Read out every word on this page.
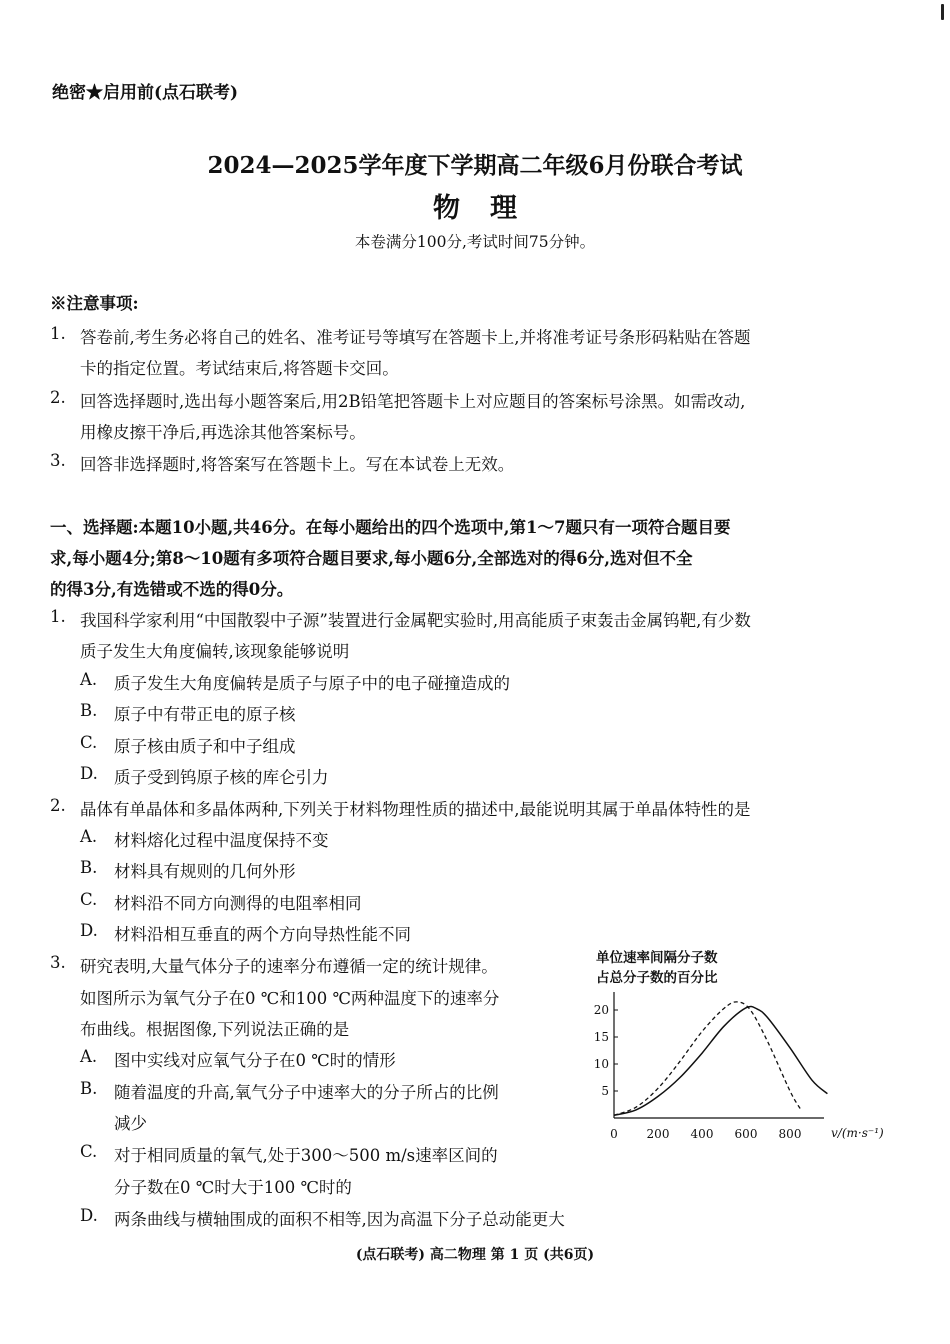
绝密★启用前(点石联考)
2024—2025学年度下学期高二年级6月份联合考试
物理
本卷满分100分,考试时间75分钟。
※注意事项:
1. 答卷前,考生务必将自己的姓名、准考证号等填写在答题卡上,并将准考证号条形码粘贴在答题
卡的指定位置。考试结束后,将答题卡交回。
2. 回答选择题时,选出每小题答案后,用2B铅笔把答题卡上对应题目的答案标号涂黑。如需改动,
用橡皮擦干净后,再选涂其他答案标号。
3. 回答非选择题时,将答案写在答题卡上。写在本试卷上无效。
一、选择题:本题10小题,共46分。在每小题给出的四个选项中,第1～7题只有一项符合题目要
求,每小题4分;第8～10题有多项符合题目要求,每小题6分,全部选对的得6分,选对但不全
的得3分,有选错或不选的得0分。
1. 我国科学家利用“中国散裂中子源”装置进行金属靶实验时,用高能质子束轰击金属钨靶,有少数
质子发生大角度偏转,该现象能够说明
A. 质子发生大角度偏转是质子与原子中的电子碰撞造成的
B. 原子中有带正电的原子核
C. 原子核由质子和中子组成
D. 质子受到钨原子核的库仑引力
2. 晶体有单晶体和多晶体两种,下列关于材料物理性质的描述中,最能说明其属于单晶体特性的是
A. 材料熔化过程中温度保持不变
B. 材料具有规则的几何外形
C. 材料沿不同方向测得的电阻率相同
D. 材料沿相互垂直的两个方向导热性能不同
3. 研究表明,大量气体分子的速率分布遵循一定的统计规律。
如图所示为氧气分子在0 ℃和100 ℃两种温度下的速率分
布曲线。根据图像,下列说法正确的是
A. 图中实线对应氧气分子在0 ℃时的情形
B. 随着温度的升高,氧气分子中速率大的分子所占的比例
减少
C. 对于相同质量的氧气,处于300～500 m/s速率区间的
分子数在0 ℃时大于100 ℃时的
D. 两条曲线与横轴围成的面积不相等,因为高温下分子总动能更大
单位速率间隔分子数
占总分子数的百分比
0 200 400 600 800
5
10
15
20
v/(m·s⁻¹)
(点石联考) 高二物理 第 1 页 (共6页)
